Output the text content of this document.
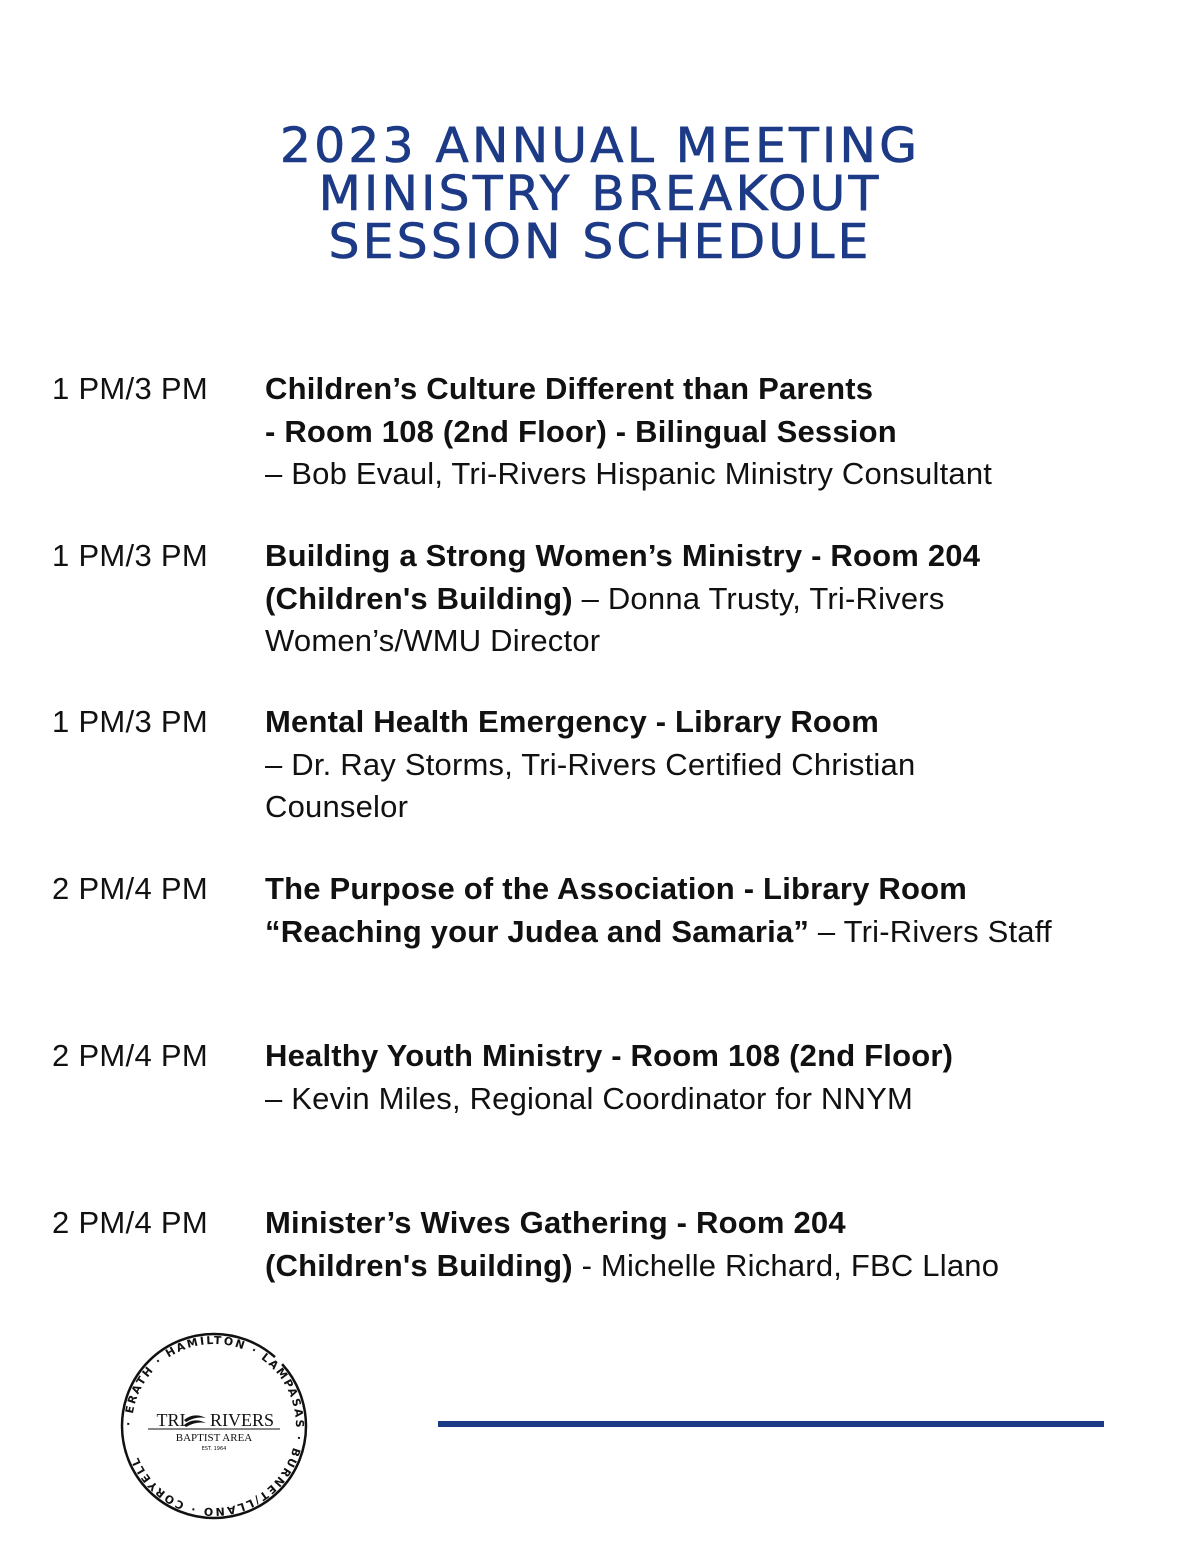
2023 ANNUAL MEETING
MINISTRY BREAKOUT
SESSION SCHEDULE
1 PM/3 PM Children’s Culture Different than Parents
- Room 108 (2nd Floor) - Bilingual Session
– Bob Evaul, Tri-Rivers Hispanic Ministry Consultant
1 PM/3 PM Building a Strong Women’s Ministry - Room 204
(Children's Building) – Donna Trusty, Tri-Rivers
Women’s/WMU Director
1 PM/3 PM Mental Health Emergency - Library Room
– Dr. Ray Storms, Tri-Rivers Certified Christian
Counselor
2 PM/4 PM The Purpose of the Association - Library Room
“Reaching your Judea and Samaria” – Tri-Rivers Staff
2 PM/4 PM Healthy Youth Ministry - Room 108 (2nd Floor)
– Kevin Miles, Regional Coordinator for NNYM
2 PM/4 PM Minister’s Wives Gathering - Room 204
(Children's Building) - Michelle Richard, FBC Llano
· ERATH · HAMILTON · LAMPASAS · BURNET/LLANO · CORYELL
TRI RIVERS
BAPTIST AREA
EST. 1964
